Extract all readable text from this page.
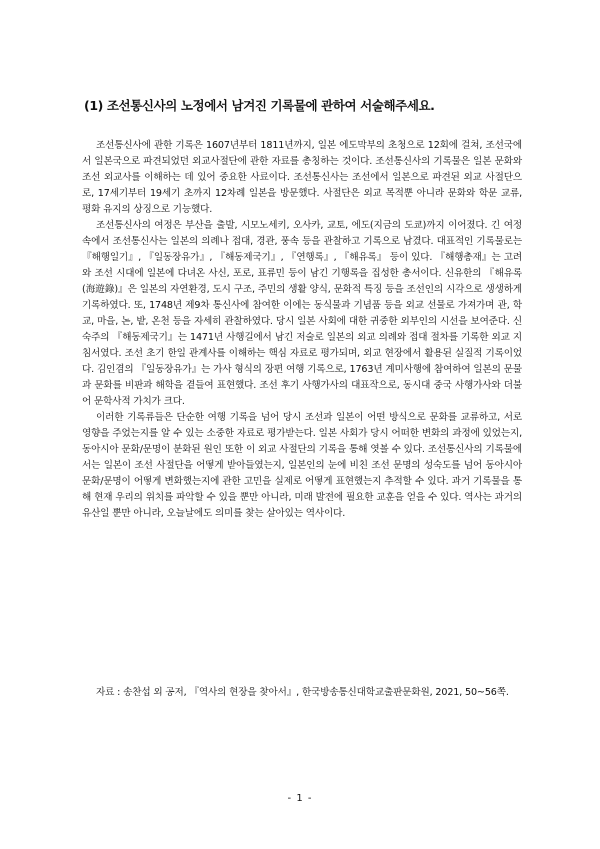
(1) 조선통신사의 노정에서 남겨진 기록물에 관하여 서술해주세요.

조선통신사에 관한 기록은 1607년부터 1811년까지, 일본 에도막부의 초청으로 12회에 걸쳐, 조선국에서 일본국으로 파견되었던 외교사절단에 관한 자료를 총칭하는 것이다. 조선통신사의 기록물은 일본 문화와 조선 외교사를 이해하는 데 있어 중요한 사료이다. 조선통신사는 조선에서 일본으로 파견된 외교 사절단으로, 17세기부터 19세기 초까지 12차례 일본을 방문했다. 사절단은 외교 목적뿐 아니라 문화와 학문 교류, 평화 유지의 상징으로 기능했다.

조선통신사의 여정은 부산을 출발, 시모노세키, 오사카, 교토, 에도(지금의 도쿄)까지 이어졌다. 긴 여정 속에서 조선통신사는 일본의 의례나 접대, 경관, 풍속 등을 관찰하고 기록으로 남겼다. 대표적인 기록물로는 『해행일기』, 『일동장유가』, 『해동제국기』, 『연행록』, 『해유록』 등이 있다. 『해행총재』는 고려와 조선 시대에 일본에 다녀온 사신, 포로, 표류민 등이 남긴 기행록을 집성한 총서이다. 신유한의 『해유록(海遊錄)』은 일본의 자연환경, 도시 구조, 주민의 생활 양식, 문화적 특징 등을 조선인의 시각으로 생생하게 기록하였다. 또, 1748년 제9차 통신사에 참여한 이에는 동식물과 기념품 등을 외교 선물로 가져가며 관, 학교, 마을, 논, 밭, 온천 등을 자세히 관찰하였다. 당시 일본 사회에 대한 귀중한 외부인의 시선을 보여준다. 신숙주의 『해동제국기』는 1471년 사행길에서 남긴 저술로 일본의 외교 의례와 접대 절차를 기록한 외교 지침서였다. 조선 초기 한일 관계사를 이해하는 핵심 자료로 평가되며, 외교 현장에서 활용된 실질적 기록이었다. 김인겸의 『일동장유가』는 가사 형식의 장편 여행 기록으로, 1763년 계미사행에 참여하여 일본의 문물과 문화를 비판과 해학을 곁들여 표현했다. 조선 후기 사행가사의 대표작으로, 동시대 중국 사행가사와 더불어 문학사적 가치가 크다.

이러한 기록류들은 단순한 여행 기록을 넘어 당시 조선과 일본이 어떤 방식으로 문화를 교류하고, 서로 영향을 주었는지를 알 수 있는 소중한 자료로 평가받는다. 일본 사회가 당시 어떠한 변화의 과정에 있었는지, 동아시아 문화/문명이 분화된 원인 또한 이 외교 사절단의 기록을 통해 엿볼 수 있다. 조선통신사의 기록물에서는 일본이 조선 사절단을 어떻게 받아들였는지, 일본인의 눈에 비친 조선 문명의 성숙도를 넘어 동아시아 문화/문명이 어떻게 변화했는지에 관한 고민을 실제로 어떻게 표현했는지 추적할 수 있다. 과거 기록물을 통해 현재 우리의 위치를 파악할 수 있을 뿐만 아니라, 미래 발전에 필요한 교훈을 얻을 수 있다. 역사는 과거의 유산일 뿐만 아니라, 오늘날에도 의미를 찾는 살아있는 역사이다.

자료 : 송찬섭 외 공저, 『역사의 현장을 찾아서』, 한국방송통신대학교출판문화원, 2021, 50~56쪽.

- 1 -
